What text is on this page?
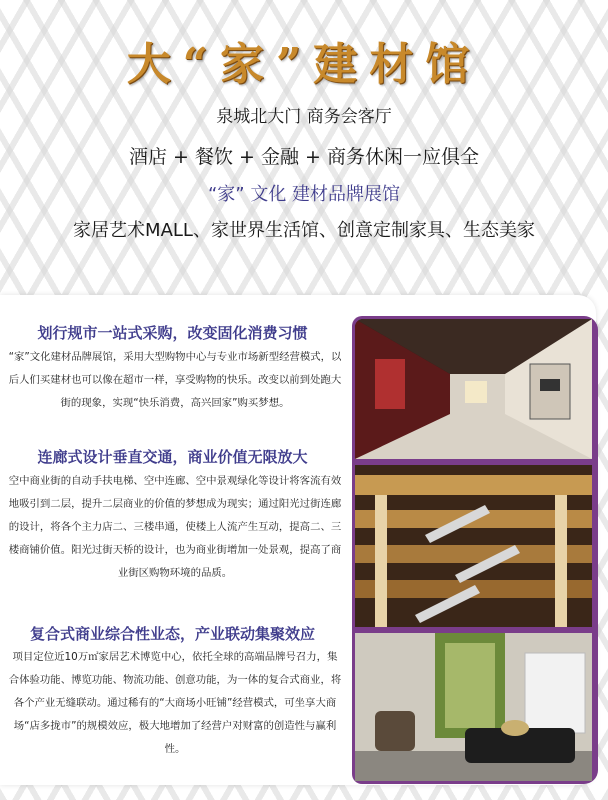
大“家”建材馆
泉城北大门 商务会客厅
酒店 + 餐饮 + 金融 + 商务休闲一应俱全
“家” 文化 建材品牌展馆
家居艺术MALL、家世界生活馆、创意定制家具、生态美家
划行规市一站式采购，改变固化消费习惯
“家”文化建材品牌展馆，采用大型购物中心与专业市场新型经营模式，以后人们买建材也可以像在超市一样，享受购物的快乐。改变以前到处跑大街的现象，实现“快乐消费，高兴回家”购买梦想。
连廊式设计垂直交通，商业价值无限放大
空中商业街的自动手扶电梯、空中连廊、空中景观绿化等设计将客流有效地吸引到二层，提升二层商业的价值的梦想成为现实；通过阳光过街连廊的设计，将各个主力店二、三楼串通，使楼上人流产生互动，提高二、三楼商铺价值。阳光过街天桥的设计，也为商业街增加一处景观，提高了商业街区购物环境的品质。
复合式商业综合性业态，产业联动集聚效应
项目定位近10万㎡家居艺术博览中心，依托全球的高端品牌号召力，集合体验功能、博览功能、物流功能、创意功能，为一体的复合式商业，将各个产业无缝联动。通过稀有的“大商场小旺铺”经营模式，可坐享大商场“店多拢市”的规模效应，极大地增加了经营户对财富的创造性与赢利性。
